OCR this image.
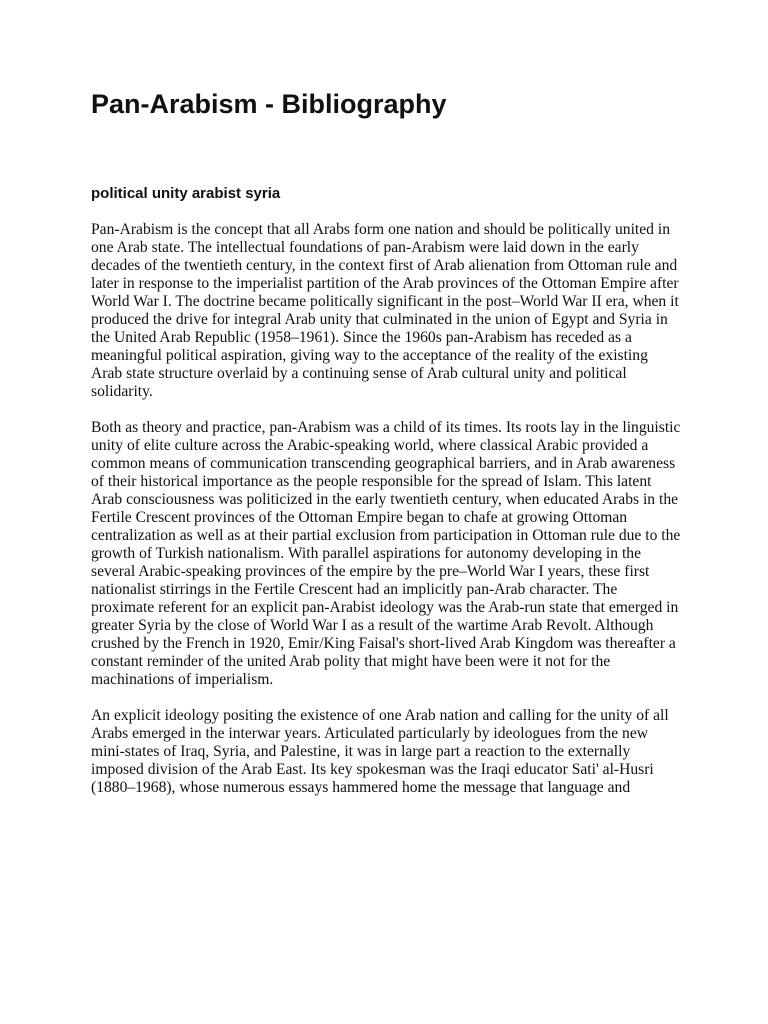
Pan-Arabism - Bibliography
political unity arabist syria

Pan-Arabism is the concept that all Arabs form one nation and should be politically united in one Arab state. The intellectual foundations of pan-Arabism were laid down in the early decades of the twentieth century, in the context first of Arab alienation from Ottoman rule and later in response to the imperialist partition of the Arab provinces of the Ottoman Empire after World War I. The doctrine became politically significant in the post–World War II era, when it produced the drive for integral Arab unity that culminated in the union of Egypt and Syria in the United Arab Republic (1958–1961). Since the 1960s pan-Arabism has receded as a meaningful political aspiration, giving way to the acceptance of the reality of the existing Arab state structure overlaid by a continuing sense of Arab cultural unity and political solidarity.

Both as theory and practice, pan-Arabism was a child of its times. Its roots lay in the linguistic unity of elite culture across the Arabic-speaking world, where classical Arabic provided a common means of communication transcending geographical barriers, and in Arab awareness of their historical importance as the people responsible for the spread of Islam. This latent Arab consciousness was politicized in the early twentieth century, when educated Arabs in the Fertile Crescent provinces of the Ottoman Empire began to chafe at growing Ottoman centralization as well as at their partial exclusion from participation in Ottoman rule due to the growth of Turkish nationalism. With parallel aspirations for autonomy developing in the several Arabic-speaking provinces of the empire by the pre–World War I years, these first nationalist stirrings in the Fertile Crescent had an implicitly pan-Arab character. The proximate referent for an explicit pan-Arabist ideology was the Arab-run state that emerged in greater Syria by the close of World War I as a result of the wartime Arab Revolt. Although crushed by the French in 1920, Emir/King Faisal's short-lived Arab Kingdom was thereafter a constant reminder of the united Arab polity that might have been were it not for the machinations of imperialism.

An explicit ideology positing the existence of one Arab nation and calling for the unity of all Arabs emerged in the interwar years. Articulated particularly by ideologues from the new mini-states of Iraq, Syria, and Palestine, it was in large part a reaction to the externally imposed division of the Arab East. Its key spokesman was the Iraqi educator Sati' al-Husri (1880–1968), whose numerous essays hammered home the message that language and
